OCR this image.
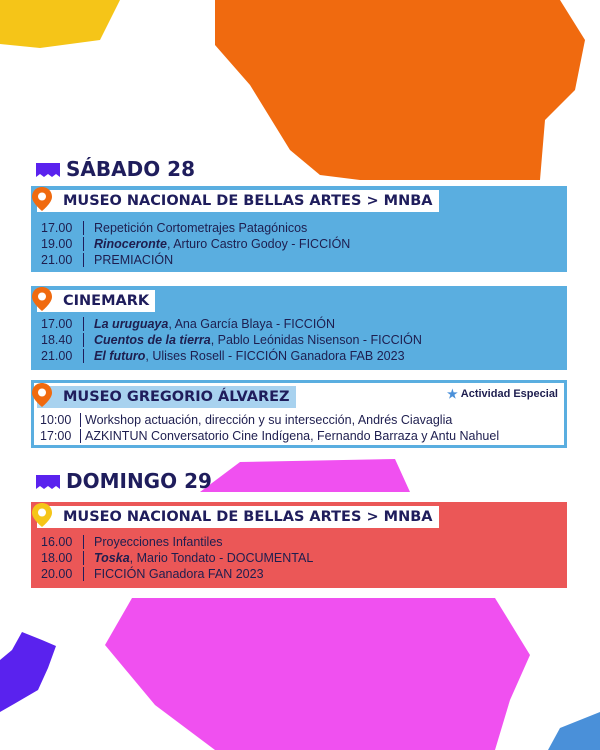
SÁBADO 28
MUSEO NACIONAL DE BELLAS ARTES > MNBA
17.00	Repetición Cortometrajes Patagónicos
19.00	Rinoceronte, Arturo Castro Godoy - FICCIÓN
21.00	PREMIACIÓN
CINEMARK
17.00	La uruguaya, Ana García Blaya - FICCIÓN
18.40	Cuentos de la tierra, Pablo Leónidas Nisenson - FICCIÓN
21.00	El futuro, Ulises Rosell - FICCIÓN Ganadora FAB 2023
MUSEO GREGORIO ÁLVAREZ	★ Actividad Especial
10:00	Workshop actuación, dirección y su intersección, Andrés Ciavaglia
17:00	AZKINTUN Conversatorio Cine Indígena, Fernando Barraza y Antu Nahuel
DOMINGO 29
MUSEO NACIONAL DE BELLAS ARTES > MNBA
16.00	Proyecciones Infantiles
18.00	Toska, Mario Tondato - DOCUMENTAL
20.00	FICCIÓN Ganadora FAN 2023
